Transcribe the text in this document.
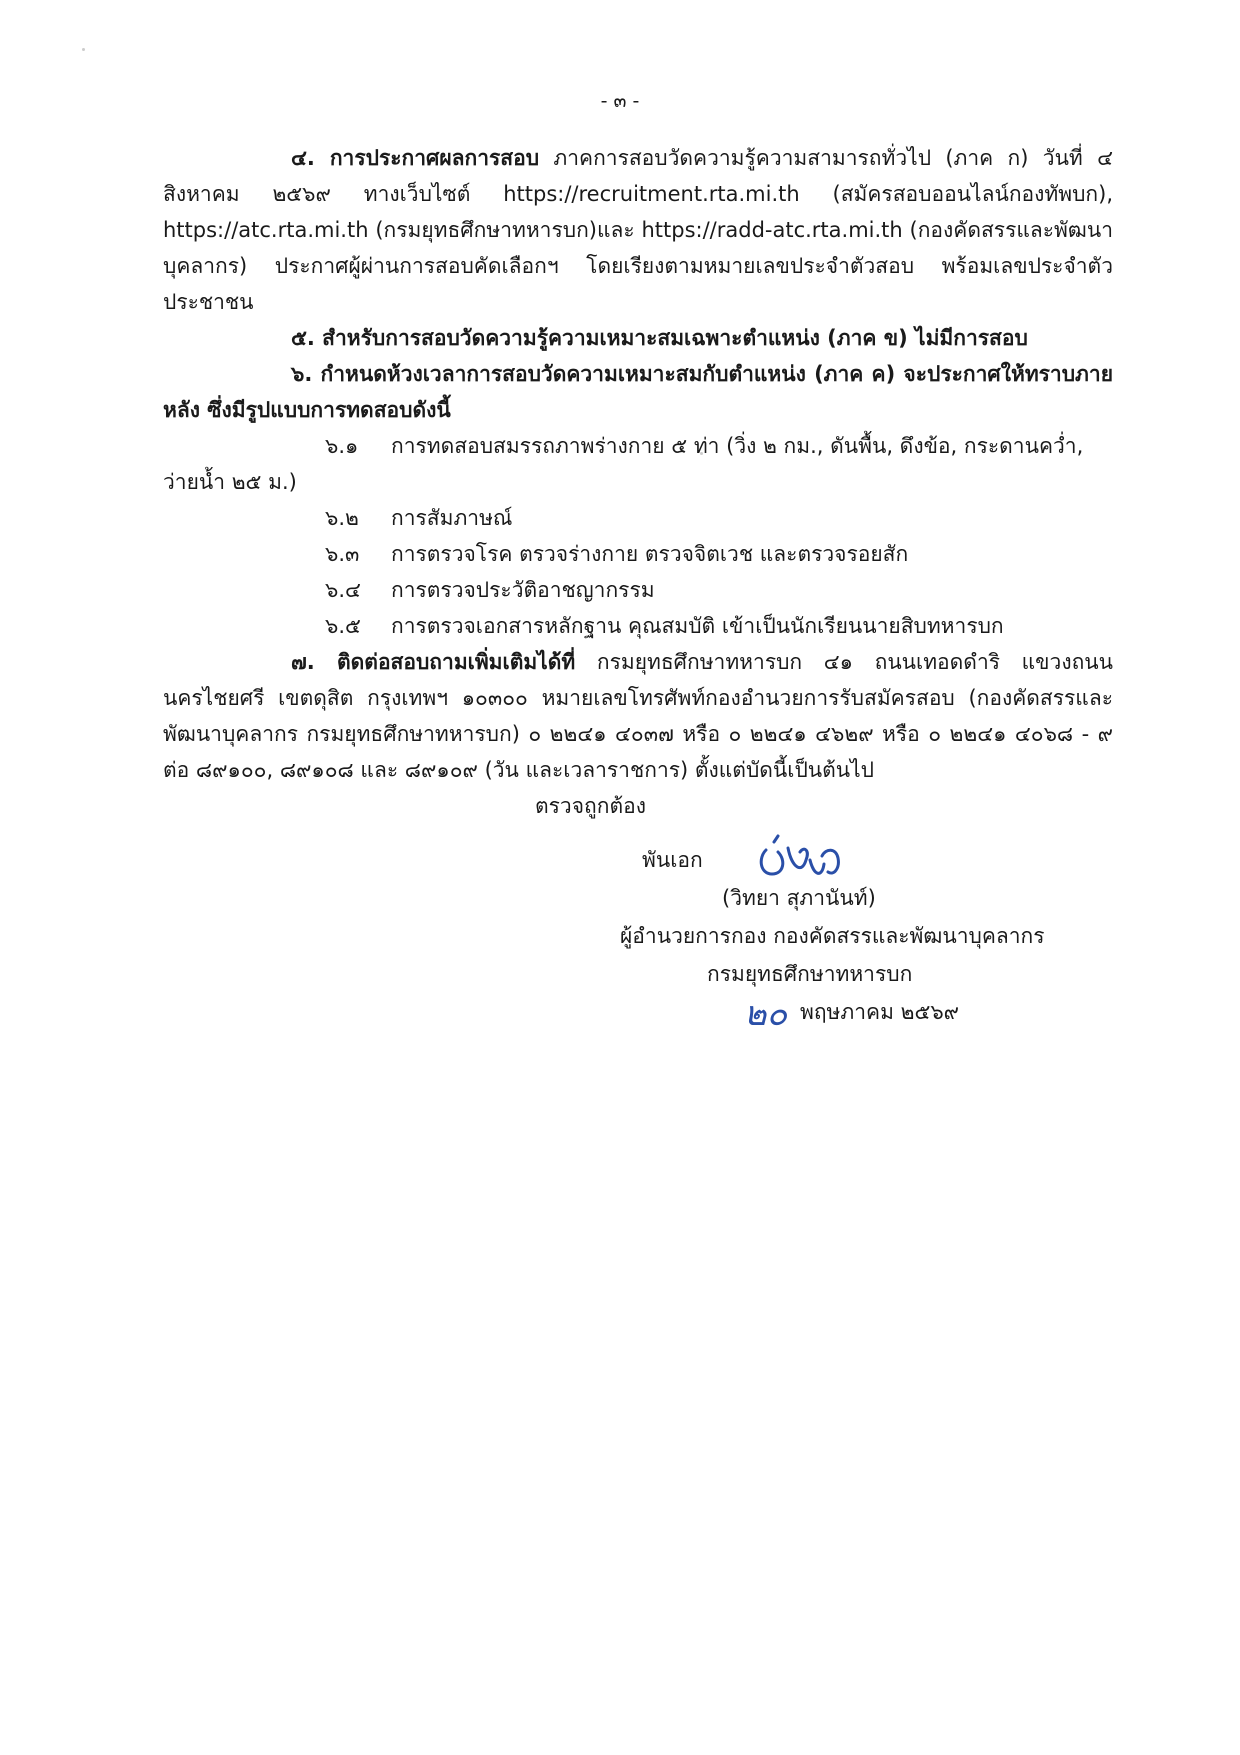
- ๓ -

๔. การประกาศผลการสอบ ภาคการสอบวัดความรู้ความสามารถทั่วไป (ภาค ก) วันที่ ๔ สิงหาคม ๒๕๖๙ ทางเว็บไซต์ https://recruitment.rta.mi.th (สมัครสอบออนไลน์กองทัพบก), https://atc.rta.mi.th (กรมยุทธศึกษาทหารบก)และ https://radd-atc.rta.mi.th (กองคัดสรรและพัฒนาบุคลากร) ประกาศผู้ผ่านการสอบคัดเลือกฯ โดยเรียงตามหมายเลขประจำตัวสอบ พร้อมเลขประจำตัวประชาชน

๕. สำหรับการสอบวัดความรู้ความเหมาะสมเฉพาะตำแหน่ง (ภาค ข) ไม่มีการสอบ

๖. กำหนดห้วงเวลาการสอบวัดความเหมาะสมกับตำแหน่ง (ภาค ค) จะประกาศให้ทราบภายหลัง ซึ่งมีรูปแบบการทดสอบดังนี้

๖.๑ การทดสอบสมรรถภาพร่างกาย ๕ ท่า (วิ่ง ๒ กม., ดันพื้น, ดึงข้อ, กระดานคว่ำ,

ว่ายน้ำ ๒๕ ม.)

๖.๒ การสัมภาษณ์

๖.๓ การตรวจโรค ตรวจร่างกาย ตรวจจิตเวช และตรวจรอยสัก

๖.๔ การตรวจประวัติอาชญากรรม

๖.๕ การตรวจเอกสารหลักฐาน คุณสมบัติ เข้าเป็นนักเรียนนายสิบทหารบก

๗. ติดต่อสอบถามเพิ่มเติมได้ที่ กรมยุทธศึกษาทหารบก ๔๑ ถนนเทอดดำริ แขวงถนนนครไชยศรี เขตดุสิต กรุงเทพฯ ๑๐๓๐๐ หมายเลขโทรศัพท์กองอำนวยการรับสมัครสอบ (กองคัดสรรและพัฒนาบุคลากร กรมยุทธศึกษาทหารบก) ๐ ๒๒๔๑ ๔๐๓๗ หรือ ๐ ๒๒๔๑ ๔๖๒๙ หรือ ๐ ๒๒๔๑ ๔๐๖๘ - ๙ ต่อ ๘๙๑๐๐, ๘๙๑๐๘ และ ๘๙๑๐๙ (วัน และเวลาราชการ) ตั้งแต่บัดนี้เป็นต้นไป

ตรวจถูกต้อง
พันเอก
(วิทยา สุภานันท์)
ผู้อำนวยการกอง กองคัดสรรและพัฒนาบุคลากร
กรมยุทธศึกษาทหารบก
๒๐ พฤษภาคม ๒๕๖๙
